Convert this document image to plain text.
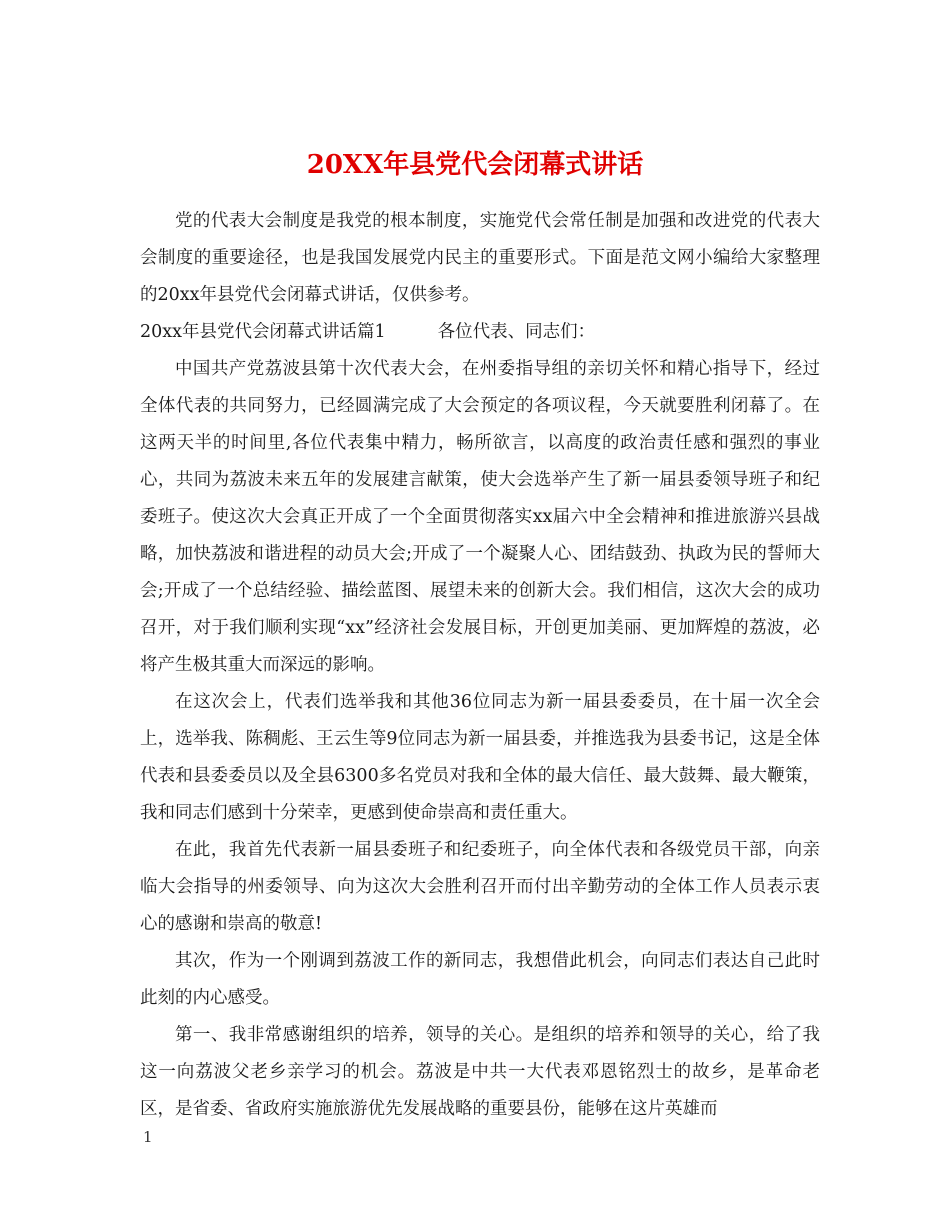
20XX年县党代会闭幕式讲话

党的代表大会制度是我党的根本制度，实施党代会常任制是加强和改进党的代表大会制度的重要途径，也是我国发展党内民主的重要形式。下面是范文网小编给大家整理的20xx年县党代会闭幕式讲话，仅供参考。

20xx年县党代会闭幕式讲话篇1	各位代表、同志们：

中国共产党荔波县第十次代表大会，在州委指导组的亲切关怀和精心指导下，经过全体代表的共同努力，已经圆满完成了大会预定的各项议程，今天就要胜利闭幕了。在这两天半的时间里,各位代表集中精力，畅所欲言，以高度的政治责任感和强烈的事业心，共同为荔波未来五年的发展建言献策，使大会选举产生了新一届县委领导班子和纪委班子。使这次大会真正开成了一个全面贯彻落实xx届六中全会精神和推进旅游兴县战略，加快荔波和谐进程的动员大会;开成了一个凝聚人心、团结鼓劲、执政为民的誓师大会;开成了一个总结经验、描绘蓝图、展望未来的创新大会。我们相信，这次大会的成功召开，对于我们顺利实现“xx”经济社会发展目标，开创更加美丽、更加辉煌的荔波，必将产生极其重大而深远的影响。

在这次会上，代表们选举我和其他36位同志为新一届县委委员，在十届一次全会上，选举我、陈稠彪、王云生等9位同志为新一届县委，并推选我为县委书记，这是全体代表和县委委员以及全县6300多名党员对我和全体的最大信任、最大鼓舞、最大鞭策，我和同志们感到十分荣幸，更感到使命崇高和责任重大。

在此，我首先代表新一届县委班子和纪委班子，向全体代表和各级党员干部，向亲临大会指导的州委领导、向为这次大会胜利召开而付出辛勤劳动的全体工作人员表示衷心的感谢和崇高的敬意!

其次，作为一个刚调到荔波工作的新同志，我想借此机会，向同志们表达自己此时此刻的内心感受。

第一、我非常感谢组织的培养，领导的关心。是组织的培养和领导的关心，给了我这一向荔波父老乡亲学习的机会。荔波是中共一大代表邓恩铭烈士的故乡，是革命老区，是省委、省政府实施旅游优先发展战略的重要县份，能够在这片英雄而

1
